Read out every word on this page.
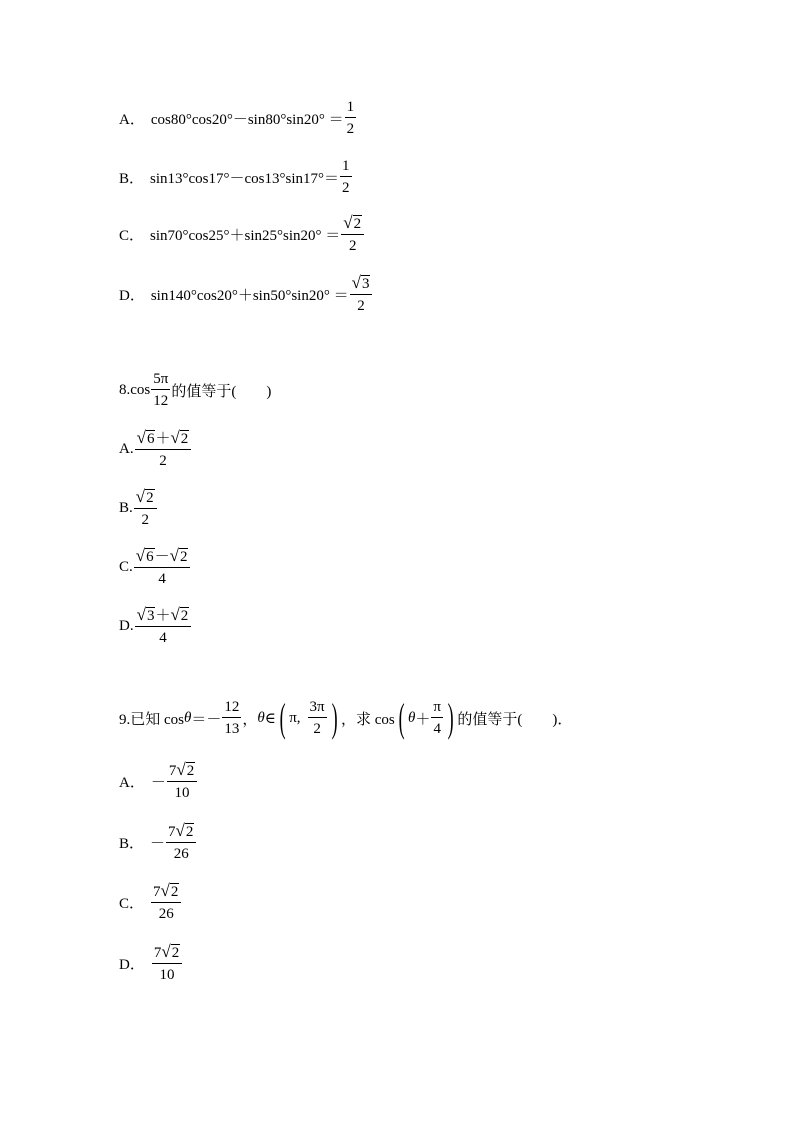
A． $\cos 80^\circ\cos 20^\circ-\sin 80^\circ\sin 20^\circ = \frac{1}{2}$
B． $\sin 13^\circ\cos 17^\circ-\cos 13^\circ\sin 17^\circ= \frac{1}{2}$
C． $\sin 70^\circ\cos 25^\circ+\sin 25^\circ\sin 20^\circ = \frac{√ 2}{2}$
D． $\sin 140^\circ\cos 20^\circ+\sin 50^\circ\sin 20^\circ = \frac{√ 3}{2}$
$8.\cos \frac{5\pi}{12}$ 的值等于(　　)
A. $\frac{√ 6 + √ 2}{2}$
B. $\frac{√ 2}{2}$
C. $\frac{√ 6 - √ 2}{4}$
D. $\frac{√ 3 + √ 2}{4}$
9.已知 $\cos \theta =- \frac{12}{13}$ ， θ ∈ ( π, $\frac{3\pi}{2}$ ) ，求 cos ( $\theta + \frac{\pi}{4}$ ) 的值等于(　　)．
A． － $\frac{7 √ 2}{10}$
B． － $\frac{7 √ 2}{26}$
C． $\frac{7 √ 2}{26}$
D． $\frac{7 √ 2}{10}$
